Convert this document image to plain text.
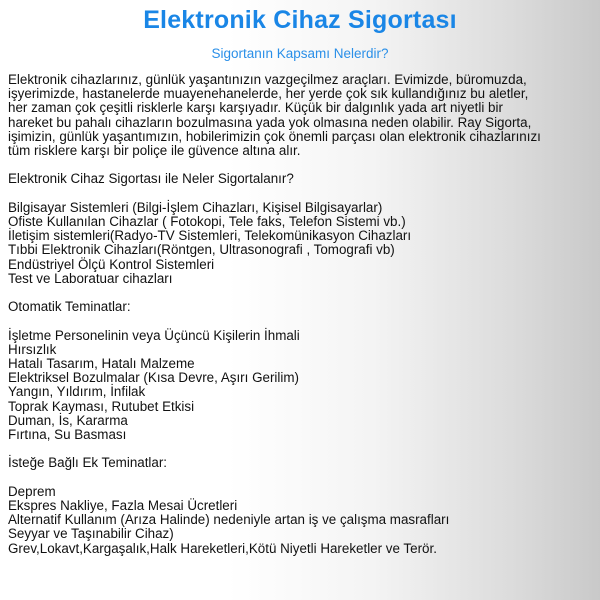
Elektronik Cihaz Sigortası
Sigortanın Kapsamı Nelerdir?
Elektronik cihazlarınız, günlük yaşantınızın vazgeçilmez araçları. Evimizde, büromuzda,
işyerimizde, hastanelerde muayenehanelerde, her yerde çok sık kullandığınız bu aletler,
her zaman çok çeşitli risklerle karşı karşıyadır. Küçük bir dalgınlık yada art niyetli bir
hareket bu pahalı cihazların bozulmasına yada yok olmasına neden olabilir. Ray Sigorta,
işimizin, günlük yaşantımızın, hobilerimizin çok önemli parçası olan elektronik cihazlarınızı
tüm risklere karşı bir poliçe ile güvence altına alır.
Elektronik Cihaz Sigortası ile Neler Sigortalanır?
Bilgisayar Sistemleri (Bilgi-İşlem Cihazları, Kişisel Bilgisayarlar)
Ofiste Kullanılan Cihazlar ( Fotokopi, Tele faks, Telefon Sistemi vb.)
İletişim sistemleri(Radyo-TV Sistemleri, Telekomünikasyon Cihazları
Tıbbi Elektronik Cihazları(Röntgen, Ultrasonografi , Tomografi vb)
Endüstriyel Ölçü Kontrol Sistemleri
Test ve Laboratuar cihazları
Otomatik Teminatlar:
İşletme Personelinin veya Üçüncü Kişilerin İhmali
Hırsızlık
Hatalı Tasarım, Hatalı Malzeme
Elektriksel Bozulmalar (Kısa Devre, Aşırı Gerilim)
Yangın, Yıldırım, İnfilak
Toprak Kayması, Rutubet Etkisi
Duman, İs, Kararma
Fırtına, Su Basması
İsteğe Bağlı Ek Teminatlar:
Deprem
Ekspres Nakliye, Fazla Mesai Ücretleri
Alternatif Kullanım (Arıza Halinde) nedeniyle artan iş ve çalışma masrafları
Seyyar ve Taşınabilir Cihaz)
Grev,Lokavt,Kargaşalık,Halk Hareketleri,Kötü Niyetli Hareketler ve Terör.
